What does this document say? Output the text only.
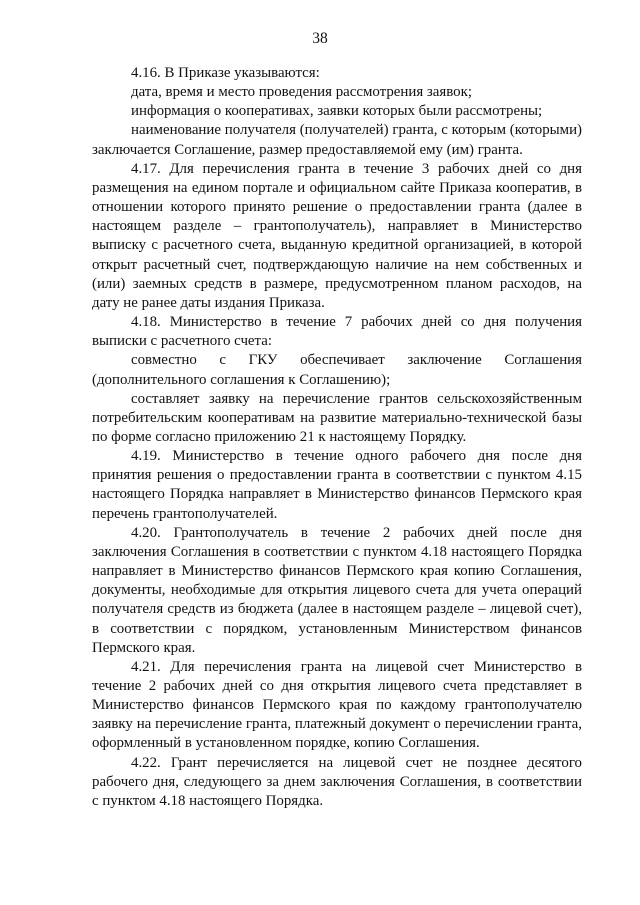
38

4.16. В Приказе указываются:

дата, время и место проведения рассмотрения заявок;

информация о кооперативах, заявки которых были рассмотрены;

наименование получателя (получателей) гранта, с которым (которыми) заключается Соглашение, размер предоставляемой ему (им) гранта.

4.17. Для перечисления гранта в течение 3 рабочих дней со дня размещения на едином портале и официальном сайте Приказа кооператив, в отношении которого принято решение о предоставлении гранта (далее в настоящем разделе – грантополучатель), направляет в Министерство выписку с расчетного счета, выданную кредитной организацией, в которой открыт расчетный счет, подтверждающую наличие на нем собственных и (или) заемных средств в размере, предусмотренном планом расходов, на дату не ранее даты издания Приказа.

4.18. Министерство в течение 7 рабочих дней со дня получения выписки с расчетного счета:

совместно с ГКУ обеспечивает заключение Соглашения (дополнительного соглашения к Соглашению);

составляет заявку на перечисление грантов сельскохозяйственным потребительским кооперативам на развитие материально-технической базы по форме согласно приложению 21 к настоящему Порядку.

4.19. Министерство в течение одного рабочего дня после дня принятия решения о предоставлении гранта в соответствии с пунктом 4.15 настоящего Порядка направляет в Министерство финансов Пермского края перечень грантополучателей.

4.20. Грантополучатель в течение 2 рабочих дней после дня заключения Соглашения в соответствии с пунктом 4.18 настоящего Порядка направляет в Министерство финансов Пермского края копию Соглашения, документы, необходимые для открытия лицевого счета для учета операций получателя средств из бюджета (далее в настоящем разделе – лицевой счет), в соответствии с порядком, установленным Министерством финансов Пермского края.

4.21. Для перечисления гранта на лицевой счет Министерство в течение 2 рабочих дней со дня открытия лицевого счета представляет в Министерство финансов Пермского края по каждому грантополучателю заявку на перечисление гранта, платежный документ о перечислении гранта, оформленный в установленном порядке, копию Соглашения.

4.22. Грант перечисляется на лицевой счет не позднее десятого рабочего дня, следующего за днем заключения Соглашения, в соответствии с пунктом 4.18 настоящего Порядка.
